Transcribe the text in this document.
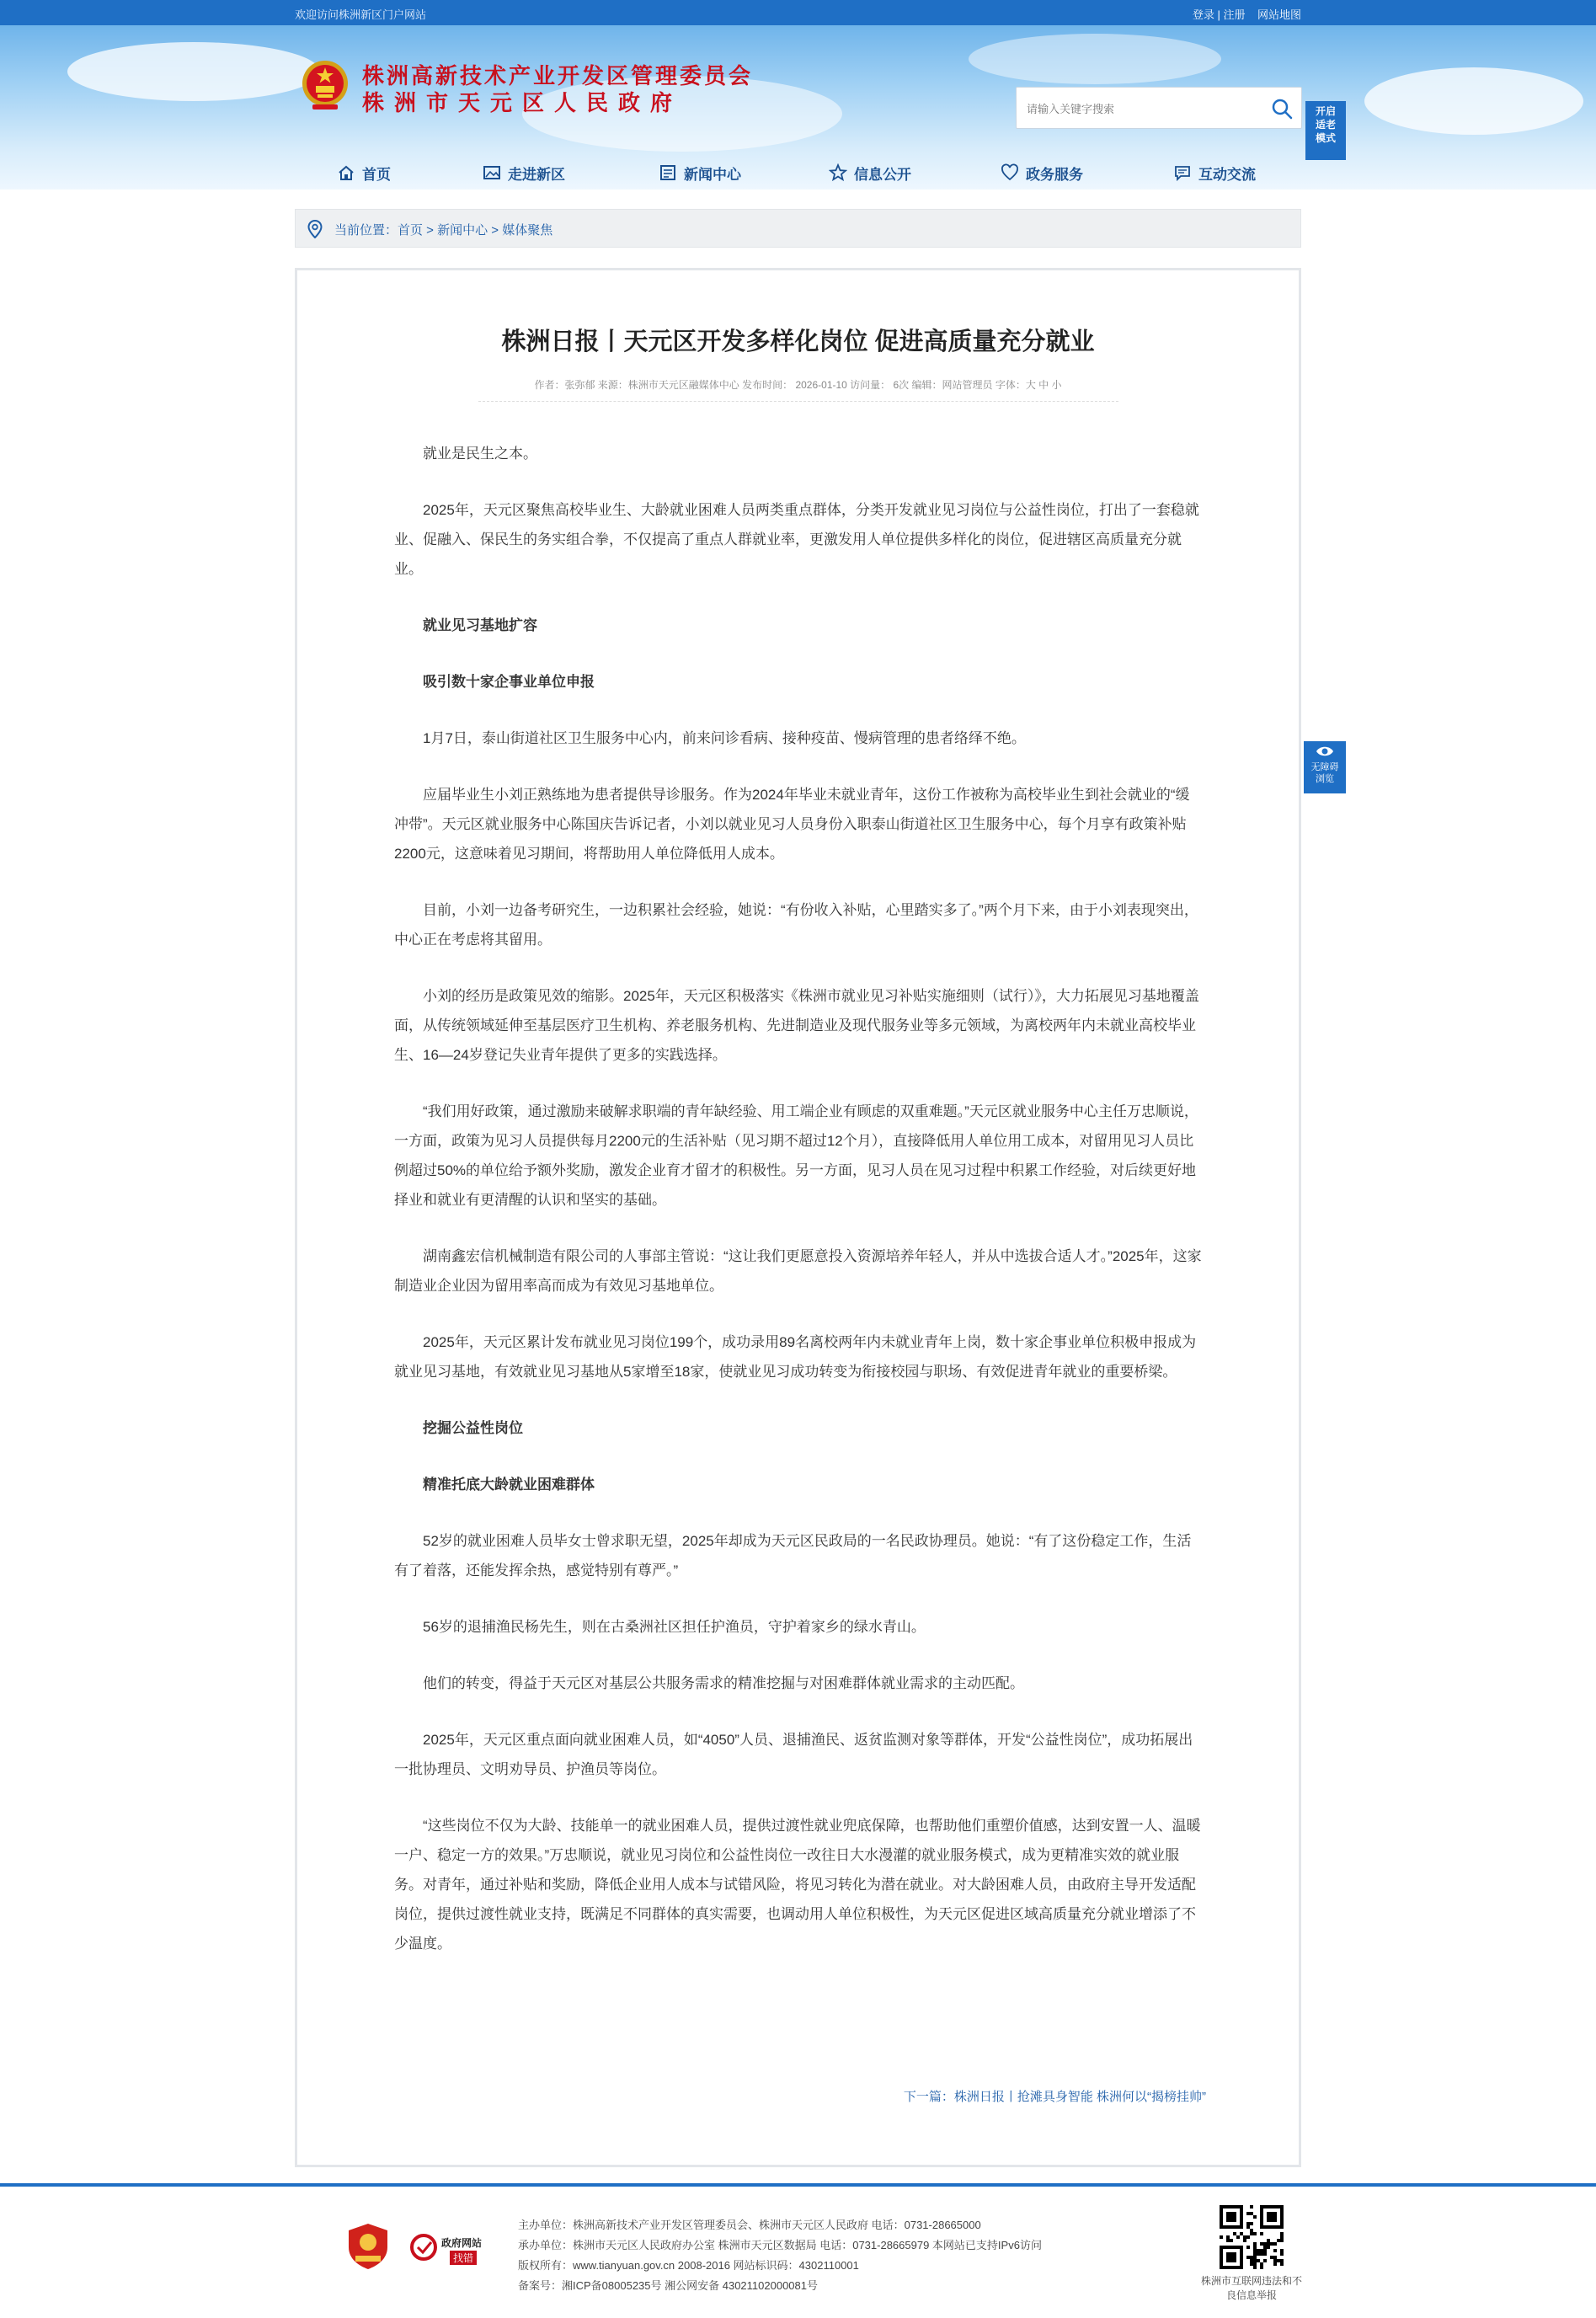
欢迎访问株洲新区门户网站	登录 | 注册 网站地图
株洲高新技术产业开发区管理委员会
株洲市天元区人民政府
请输入关键字搜索	开启
适老
模式
首页	走进新区	新闻中心	信息公开	政务服务	互动交流
当前位置：首页 > 新闻中心 > 媒体聚焦
株洲日报丨天元区开发多样化岗位 促进高质量充分就业
作者：张弥郁 来源：株洲市天元区融媒体中心 发布时间： 2026-01-10 访问量： 6次 编辑：网站管理员 字体：大 中 小
就业是民生之本。
2025年，天元区聚焦高校毕业生、大龄就业困难人员两类重点群体，分类开发就业见习岗位与公益性岗位，打出了一套稳就业、促融入、保民生的务实组合拳，不仅提高了重点人群就业率，更激发用人单位提供多样化的岗位，促进辖区高质量充分就业。
就业见习基地扩容
吸引数十家企事业单位申报
1月7日，泰山街道社区卫生服务中心内，前来问诊看病、接种疫苗、慢病管理的患者络绎不绝。
应届毕业生小刘正熟练地为患者提供导诊服务。作为2024年毕业未就业青年，这份工作被称为高校毕业生到社会就业的“缓冲带”。天元区就业服务中心陈国庆告诉记者，小刘以就业见习人员身份入职泰山街道社区卫生服务中心，每个月享有政策补贴2200元，这意味着见习期间，将帮助用人单位降低用人成本。
目前，小刘一边备考研究生，一边积累社会经验，她说：“有份收入补贴，心里踏实多了。”两个月下来，由于小刘表现突出，中心正在考虑将其留用。
小刘的经历是政策见效的缩影。2025年，天元区积极落实《株洲市就业见习补贴实施细则（试行）》，大力拓展见习基地覆盖面，从传统领域延伸至基层医疗卫生机构、养老服务机构、先进制造业及现代服务业等多元领域，为离校两年内未就业高校毕业生、16—24岁登记失业青年提供了更多的实践选择。
“我们用好政策，通过激励来破解求职端的青年缺经验、用工端企业有顾虑的双重难题。”天元区就业服务中心主任万忠顺说，一方面，政策为见习人员提供每月2200元的生活补贴（见习期不超过12个月），直接降低用人单位用工成本，对留用见习人员比例超过50%的单位给予额外奖励，激发企业育才留才的积极性。另一方面，见习人员在见习过程中积累工作经验，对后续更好地择业和就业有更清醒的认识和坚实的基础。
湖南鑫宏信机械制造有限公司的人事部主管说：“这让我们更愿意投入资源培养年轻人，并从中选拔合适人才。”2025年，这家制造业企业因为留用率高而成为有效见习基地单位。
2025年，天元区累计发布就业见习岗位199个，成功录用89名离校两年内未就业青年上岗，数十家企事业单位积极申报成为就业见习基地，有效就业见习基地从5家增至18家，使就业见习成功转变为衔接校园与职场、有效促进青年就业的重要桥梁。
挖掘公益性岗位
精准托底大龄就业困难群体
52岁的就业困难人员毕女士曾求职无望，2025年却成为天元区民政局的一名民政协理员。她说：“有了这份稳定工作，生活有了着落，还能发挥余热，感觉特别有尊严。”
56岁的退捕渔民杨先生，则在古桑洲社区担任护渔员，守护着家乡的绿水青山。
他们的转变，得益于天元区对基层公共服务需求的精准挖掘与对困难群体就业需求的主动匹配。
2025年，天元区重点面向就业困难人员，如“4050”人员、退捕渔民、返贫监测对象等群体，开发“公益性岗位”，成功拓展出一批协理员、文明劝导员、护渔员等岗位。
“这些岗位不仅为大龄、技能单一的就业困难人员，提供过渡性就业兜底保障，也帮助他们重塑价值感，达到安置一人、温暖一户、稳定一方的效果。”万忠顺说，就业见习岗位和公益性岗位一改往日大水漫灌的就业服务模式，成为更精准实效的就业服务。对青年，通过补贴和奖励，降低企业用人成本与试错风险，将见习转化为潜在就业。对大龄困难人员，由政府主导开发适配岗位，提供过渡性就业支持，既满足不同群体的真实需要，也调动用人单位积极性，为天元区促进区域高质量充分就业增添了不少温度。
下一篇：株洲日报丨抢滩具身智能 株洲何以“揭榜挂帅”
无障碍
浏览
政府网站
找错
主办单位：株洲高新技术产业开发区管理委员会、株洲市天元区人民政府 电话：0731-28665000
承办单位：株洲市天元区人民政府办公室 株洲市天元区数据局 电话：0731-28665979 本网站已支持IPv6访问
版权所有：www.tianyuan.gov.cn 2008-2016 网站标识码：4302110001
备案号：湘ICP备08005235号 湘公网安备 43021102000081号	株洲市互联网违法和不良信息举报
